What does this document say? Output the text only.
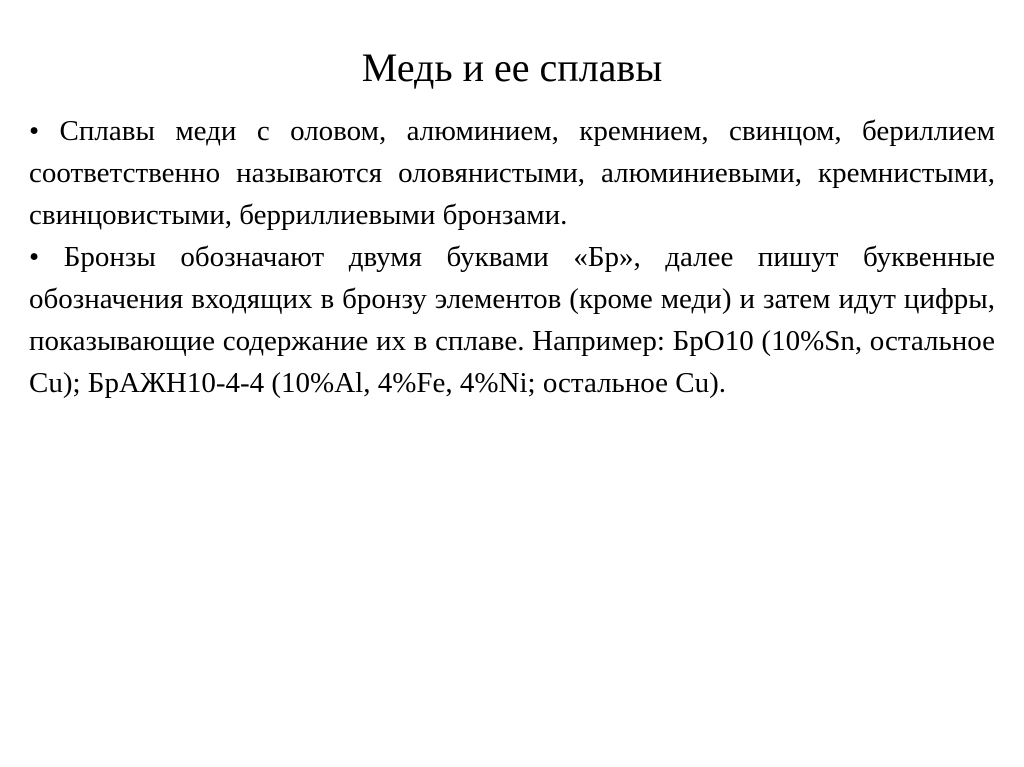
Медь и ее сплавы

• Сплавы меди с оловом, алюминием, кремнием, свинцом, бериллием соответственно называются оловянистыми, алюминиевыми, кремнистыми, свинцовистыми, берриллиевыми бронзами.

• Бронзы обозначают двумя буквами «Бр», далее пишут буквенные обозначения входящих в бронзу элементов (кроме меди) и затем идут цифры, показывающие содержание их в сплаве. Например: БрО10 (10%Sn, остальное Cu); БрАЖН10-4-4 (10%Al, 4%Fe, 4%Ni; остальное Cu).
